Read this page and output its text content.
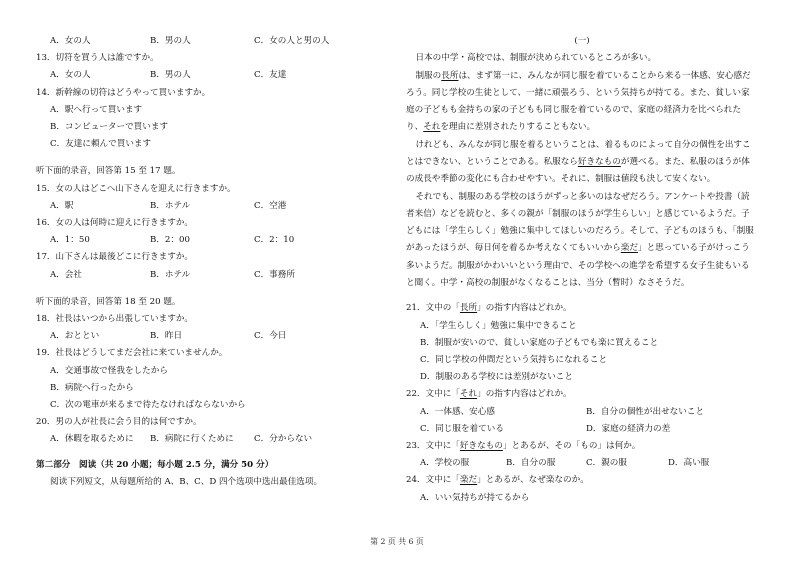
A．女の人	B．男の人	C．女の人と男の人
13．切符を買う人は誰ですか。
A．女の人	B．男の人	C．友達
14．新幹線の切符はどうやって買いますか。
A．駅へ行って買います
B．コンピューターで買います
C．友達に頼んで買います
听下面的录音，回答第 15 至 17 题。
15．女の人はどこへ山下さんを迎えに行きますか。
A．駅	B．ホテル	C．空港
16．女の人は何時に迎えに行きますか。
A．1：50	B．2：00	C．2：10
17．山下さんは最後どこに行きますか。
A．会社	B．ホテル	C．事務所
听下面的录音，回答第 18 至 20 题。
18．社長はいつから出張していますか。
A．おととい	B．昨日	C．今日
19．社長はどうしてまだ会社に来ていませんか。
A．交通事故で怪我をしたから
B．病院へ行ったから
C．次の電車が来るまで待たなければならないから
20．男の人が社長に会う目的は何ですか。
A．休暇を取るために B．病院に行くために C．分からない
第二部分　阅读（共 20 小题；每小题 2.5 分，满分 50 分）
阅读下列短文，从每题所给的 A、B、C、D 四个选项中选出最佳选项。
(一)
日本の中学・高校では、制服が決められているところが多い。
制服の長所は、まず第一に、みんなが同じ服を着ていることから来る一体感、安心感だろう。同じ学校の生徒として、一緒に頑張ろう、という気持ちが持てる。また、貧しい家庭の子どもも金持ちの家の子どもも同じ服を着ているので、家庭の経済力を比べられたり、それを理由に差別されたりすることもない。
けれども、みんなが同じ服を着るということは、着るものによって自分の個性を出すことはできない、ということである。私服なら好きなものが選べる。また、私服のほうが体の成長や季節の変化にも合わせやすい。それに、制服は値段も決して安くない。
それでも、制服のある学校のほうがずっと多いのはなぜだろう。アンケートや投書（読者来信）などを読むと、多くの親が「制服のほうが学生らしい」と感じているようだ。子どもには「学生らしく」勉強に集中してほしいのだろう。そして、子どものほうも、「制服があったほうが、毎日何を着るか考えなくてもいいから楽だ」と思っている子がけっこう多いようだ。制服がかわいいという理由で、その学校への進学を希望する女子生徒もいると聞く。中学・高校の制服がなくなることは、当分（暫时）なさそうだ。
21．文中の「長所」の指す内容はどれか。
A．「学生らしく」勉強に集中できること
B．制服が安いので、貧しい家庭の子どもでも楽に買えること
C．同じ学校の仲間だという気持ちになれること
D．制服のある学校には差別がないこと
22．文中に「それ」の指す内容はどれか。
A．一体感、安心感	B．自分の個性が出せないこと
C．同じ服を着ている	D．家庭の経済力の差
23．文中に「好きなもの」とあるが、その「もの」は何か。
A．学校の服	B．自分の服	C．親の服	D．高い服
24．文中に「楽だ」とあるが、なぜ楽なのか。
A．いい気持ちが持てるから
第 2 页 共 6 页
